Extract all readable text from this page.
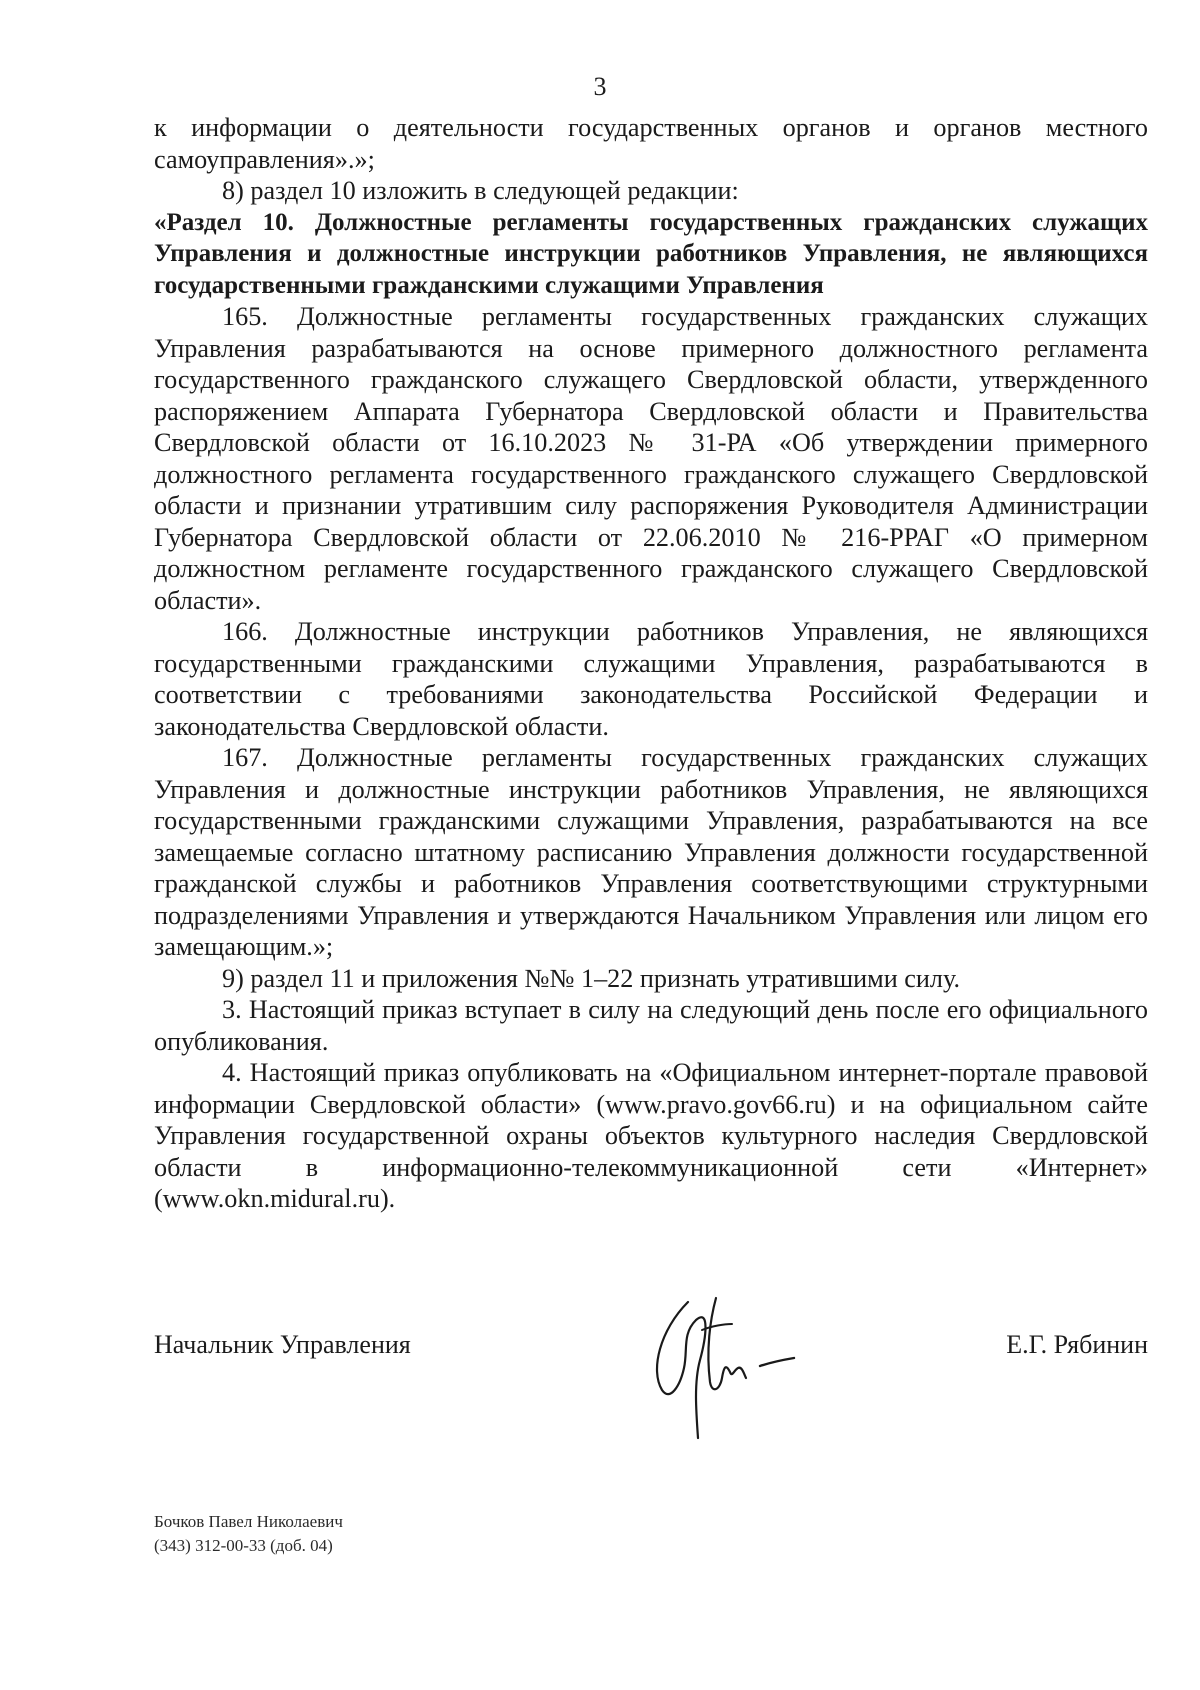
3

к информации о деятельности государственных органов и органов местного самоуправления».»;

8) раздел 10 изложить в следующей редакции:

«Раздел 10. Должностные регламенты государственных гражданских служащих Управления и должностные инструкции работников Управления, не являющихся государственными гражданскими служащими Управления

165. Должностные регламенты государственных гражданских служащих Управления разрабатываются на основе примерного должностного регламента государственного гражданского служащего Свердловской области, утвержденного распоряжением Аппарата Губернатора Свердловской области и Правительства Свердловской области от 16.10.2023 № 31-РА «Об утверждении примерного должностного регламента государственного гражданского служащего Свердловской области и признании утратившим силу распоряжения Руководителя Администрации Губернатора Свердловской области от 22.06.2010 № 216-РРАГ «О примерном должностном регламенте государственного гражданского служащего Свердловской области».

166. Должностные инструкции работников Управления, не являющихся государственными гражданскими служащими Управления, разрабатываются в соответствии с требованиями законодательства Российской Федерации и законодательства Свердловской области.

167. Должностные регламенты государственных гражданских служащих Управления и должностные инструкции работников Управления, не являющихся государственными гражданскими служащими Управления, разрабатываются на все замещаемые согласно штатному расписанию Управления должности государственной гражданской службы и работников Управления соответствующими структурными подразделениями Управления и утверждаются Начальником Управления или лицом его замещающим.»;

9) раздел 11 и приложения №№ 1–22 признать утратившими силу.

3. Настоящий приказ вступает в силу на следующий день после его официального опубликования.

4. Настоящий приказ опубликовать на «Официальном интернет-портале правовой информации Свердловской области» (www.pravo.gov66.ru) и на официальном сайте Управления государственной охраны объектов культурного наследия Свердловской области в информационно-телекоммуникационной сети «Интернет» (www.okn.midural.ru).

Начальник Управления	Е.Г. Рябинин
Бочков Павел Николаевич
(343) 312-00-33 (доб. 04)
